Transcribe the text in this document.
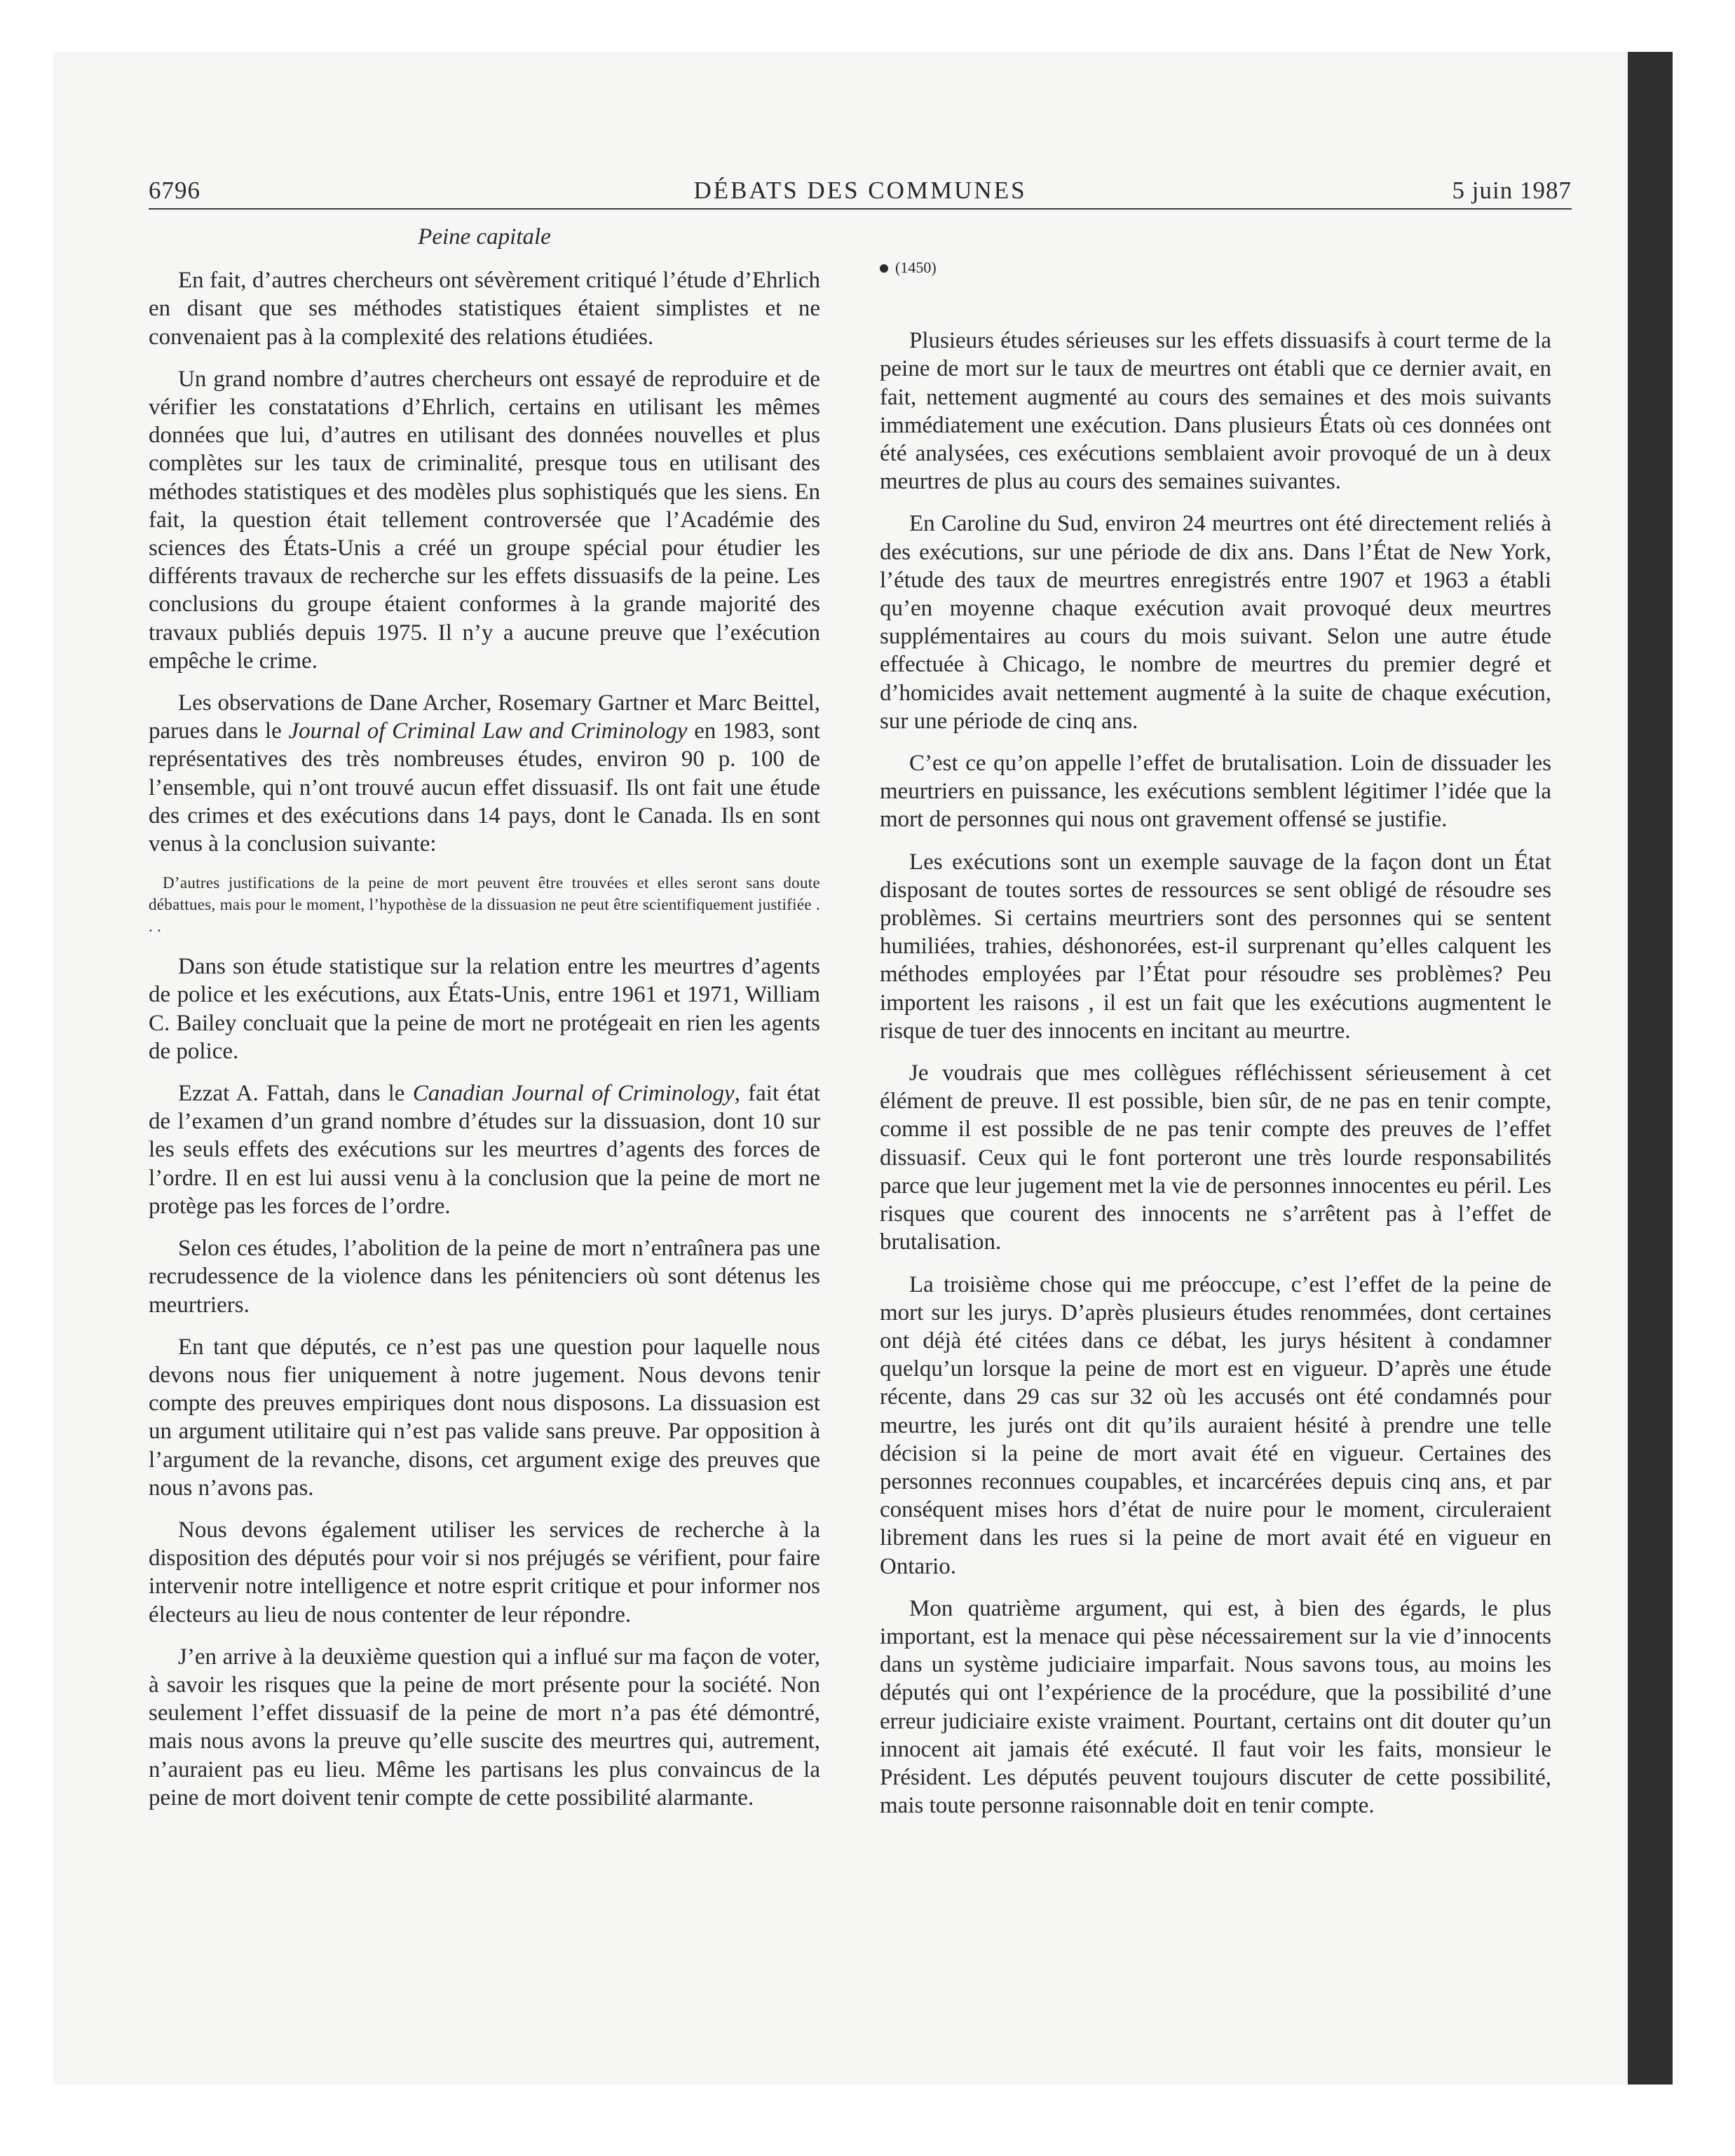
6796	DÉBATS DES COMMUNES	5 juin 1987
Peine capitale

En fait, d’autres chercheurs ont sévèrement critiqué l’étude d’Ehrlich en disant que ses méthodes statistiques étaient simplistes et ne convenaient pas à la complexité des relations étudiées.

Un grand nombre d’autres chercheurs ont essayé de reproduire et de vérifier les constatations d’Ehrlich, certains en utilisant les mêmes données que lui, d’autres en utilisant des données nouvelles et plus complètes sur les taux de criminalité, presque tous en utilisant des méthodes statistiques et des modèles plus sophistiqués que les siens. En fait, la question était tellement controversée que l’Académie des sciences des États-Unis a créé un groupe spécial pour étudier les différents travaux de recherche sur les effets dissuasifs de la peine. Les conclusions du groupe étaient conformes à la grande majorité des travaux publiés depuis 1975. Il n’y a aucune preuve que l’exécution empêche le crime.

Les observations de Dane Archer, Rosemary Gartner et Marc Beittel, parues dans le Journal of Criminal Law and Criminology en 1983, sont représentatives des très nombreuses études, environ 90 p. 100 de l’ensemble, qui n’ont trouvé aucun effet dissuasif. Ils ont fait une étude des crimes et des exécutions dans 14 pays, dont le Canada. Ils en sont venus à la conclusion suivante:

D’autres justifications de la peine de mort peuvent être trouvées et elles seront sans doute débattues, mais pour le moment, l’hypothèse de la dissuasion ne peut être scientifiquement justifiée . . .

Dans son étude statistique sur la relation entre les meurtres d’agents de police et les exécutions, aux États-Unis, entre 1961 et 1971, William C. Bailey concluait que la peine de mort ne protégeait en rien les agents de police.

Ezzat A. Fattah, dans le Canadian Journal of Criminology, fait état de l’examen d’un grand nombre d’études sur la dissuasion, dont 10 sur les seuls effets des exécutions sur les meurtres d’agents des forces de l’ordre. Il en est lui aussi venu à la conclusion que la peine de mort ne protège pas les forces de l’ordre.

Selon ces études, l’abolition de la peine de mort n’entraînera pas une recrudessence de la violence dans les pénitenciers où sont détenus les meurtriers.

En tant que députés, ce n’est pas une question pour laquelle nous devons nous fier uniquement à notre jugement. Nous devons tenir compte des preuves empiriques dont nous disposons. La dissuasion est un argument utilitaire qui n’est pas valide sans preuve. Par opposition à l’argument de la revanche, disons, cet argument exige des preuves que nous n’avons pas.

Nous devons également utiliser les services de recherche à la disposition des députés pour voir si nos préjugés se vérifient, pour faire intervenir notre intelligence et notre esprit critique et pour informer nos électeurs au lieu de nous contenter de leur répondre.

J’en arrive à la deuxième question qui a influé sur ma façon de voter, à savoir les risques que la peine de mort présente pour la société. Non seulement l’effet dissuasif de la peine de mort n’a pas été démontré, mais nous avons la preuve qu’elle suscite des meurtres qui, autrement, n’auraient pas eu lieu. Même les partisans les plus convaincus de la peine de mort doivent tenir compte de cette possibilité alarmante.

(1450)

Plusieurs études sérieuses sur les effets dissuasifs à court terme de la peine de mort sur le taux de meurtres ont établi que ce dernier avait, en fait, nettement augmenté au cours des semaines et des mois suivants immédiatement une exécution. Dans plusieurs États où ces données ont été analysées, ces exécutions semblaient avoir provoqué de un à deux meurtres de plus au cours des semaines suivantes.

En Caroline du Sud, environ 24 meurtres ont été directement reliés à des exécutions, sur une période de dix ans. Dans l’État de New York, l’étude des taux de meurtres enregistrés entre 1907 et 1963 a établi qu’en moyenne chaque exécution avait provoqué deux meurtres supplémentaires au cours du mois suivant. Selon une autre étude effectuée à Chicago, le nombre de meurtres du premier degré et d’homicides avait nettement augmenté à la suite de chaque exécution, sur une période de cinq ans.

C’est ce qu’on appelle l’effet de brutalisation. Loin de dissuader les meurtriers en puissance, les exécutions semblent légitimer l’idée que la mort de personnes qui nous ont gravement offensé se justifie.

Les exécutions sont un exemple sauvage de la façon dont un État disposant de toutes sortes de ressources se sent obligé de résoudre ses problèmes. Si certains meurtriers sont des personnes qui se sentent humiliées, trahies, déshonorées, est-il surprenant qu’elles calquent les méthodes employées par l’État pour résoudre ses problèmes? Peu importent les raisons , il est un fait que les exécutions augmentent le risque de tuer des innocents en incitant au meurtre.

Je voudrais que mes collègues réfléchissent sérieusement à cet élément de preuve. Il est possible, bien sûr, de ne pas en tenir compte, comme il est possible de ne pas tenir compte des preuves de l’effet dissuasif. Ceux qui le font porteront une très lourde responsabilités parce que leur jugement met la vie de personnes innocentes eu péril. Les risques que courent des innocents ne s’arrêtent pas à l’effet de brutalisation.

La troisième chose qui me préoccupe, c’est l’effet de la peine de mort sur les jurys. D’après plusieurs études renommées, dont certaines ont déjà été citées dans ce débat, les jurys hésitent à condamner quelqu’un lorsque la peine de mort est en vigueur. D’après une étude récente, dans 29 cas sur 32 où les accusés ont été condamnés pour meurtre, les jurés ont dit qu’ils auraient hésité à prendre une telle décision si la peine de mort avait été en vigueur. Certaines des personnes reconnues coupables, et incarcérées depuis cinq ans, et par conséquent mises hors d’état de nuire pour le moment, circuleraient librement dans les rues si la peine de mort avait été en vigueur en Ontario.

Mon quatrième argument, qui est, à bien des égards, le plus important, est la menace qui pèse nécessairement sur la vie d’innocents dans un système judiciaire imparfait. Nous savons tous, au moins les députés qui ont l’expérience de la procédure, que la possibilité d’une erreur judiciaire existe vraiment. Pourtant, certains ont dit douter qu’un innocent ait jamais été exécuté. Il faut voir les faits, monsieur le Président. Les députés peuvent toujours discuter de cette possibilité, mais toute personne raisonnable doit en tenir compte.
